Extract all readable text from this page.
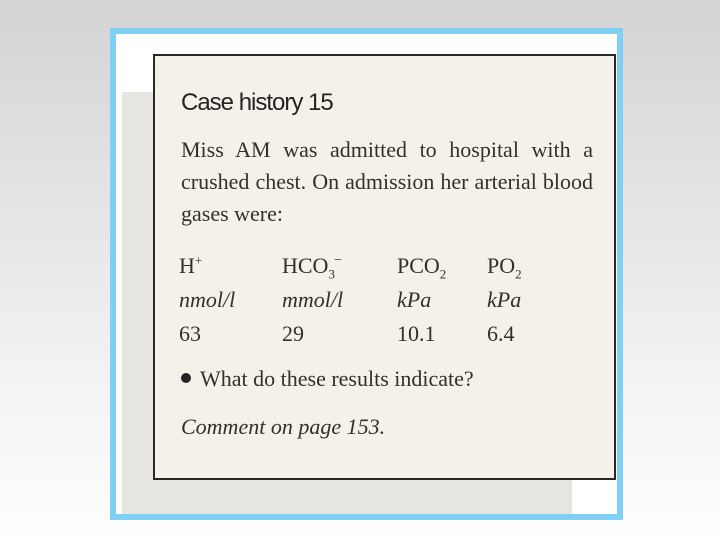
Case history 15

Miss AM was admitted to hospital with a crushed chest. On admission her arterial blood gases were:

H+	$HCO_3^-$	$PCO_2$	$PO_2$
nmol/l	mmol/l	kPa	kPa
63	29	10.1	6.4

What do these results indicate?

Comment on page 153.
